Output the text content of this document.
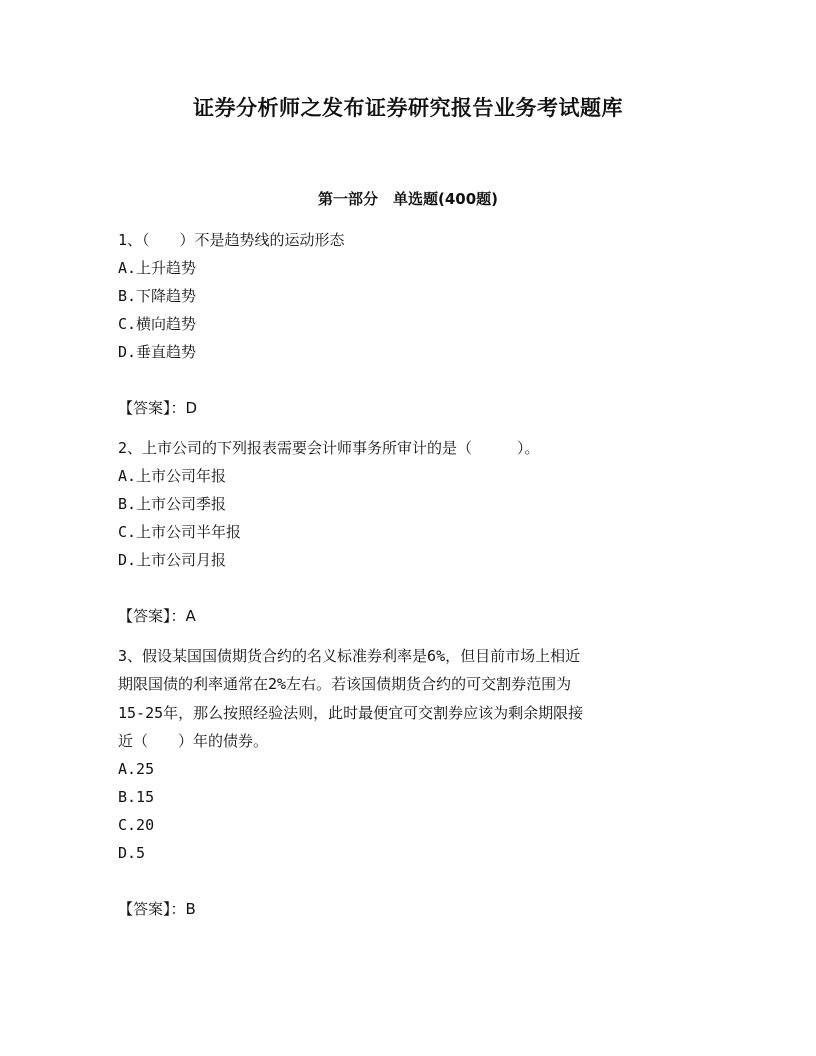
证券分析师之发布证券研究报告业务考试题库
第一部分　单选题(400题)
1、（　　）不是趋势线的运动形态
A.上升趋势
B.下降趋势
C.横向趋势
D.垂直趋势
【答案】：D
2、上市公司的下列报表需要会计师事务所审计的是（　　　）。
A.上市公司年报
B.上市公司季报
C.上市公司半年报
D.上市公司月报
【答案】：A
3、假设某国国债期货合约的名义标准券利率是6%，但目前市场上相近
期限国债的利率通常在2%左右。若该国债期货合约的可交割券范围为
15-25年，那么按照经验法则，此时最便宜可交割券应该为剩余期限接
近（　　）年的债券。
A.25
B.15
C.20
D.5
【答案】：B
